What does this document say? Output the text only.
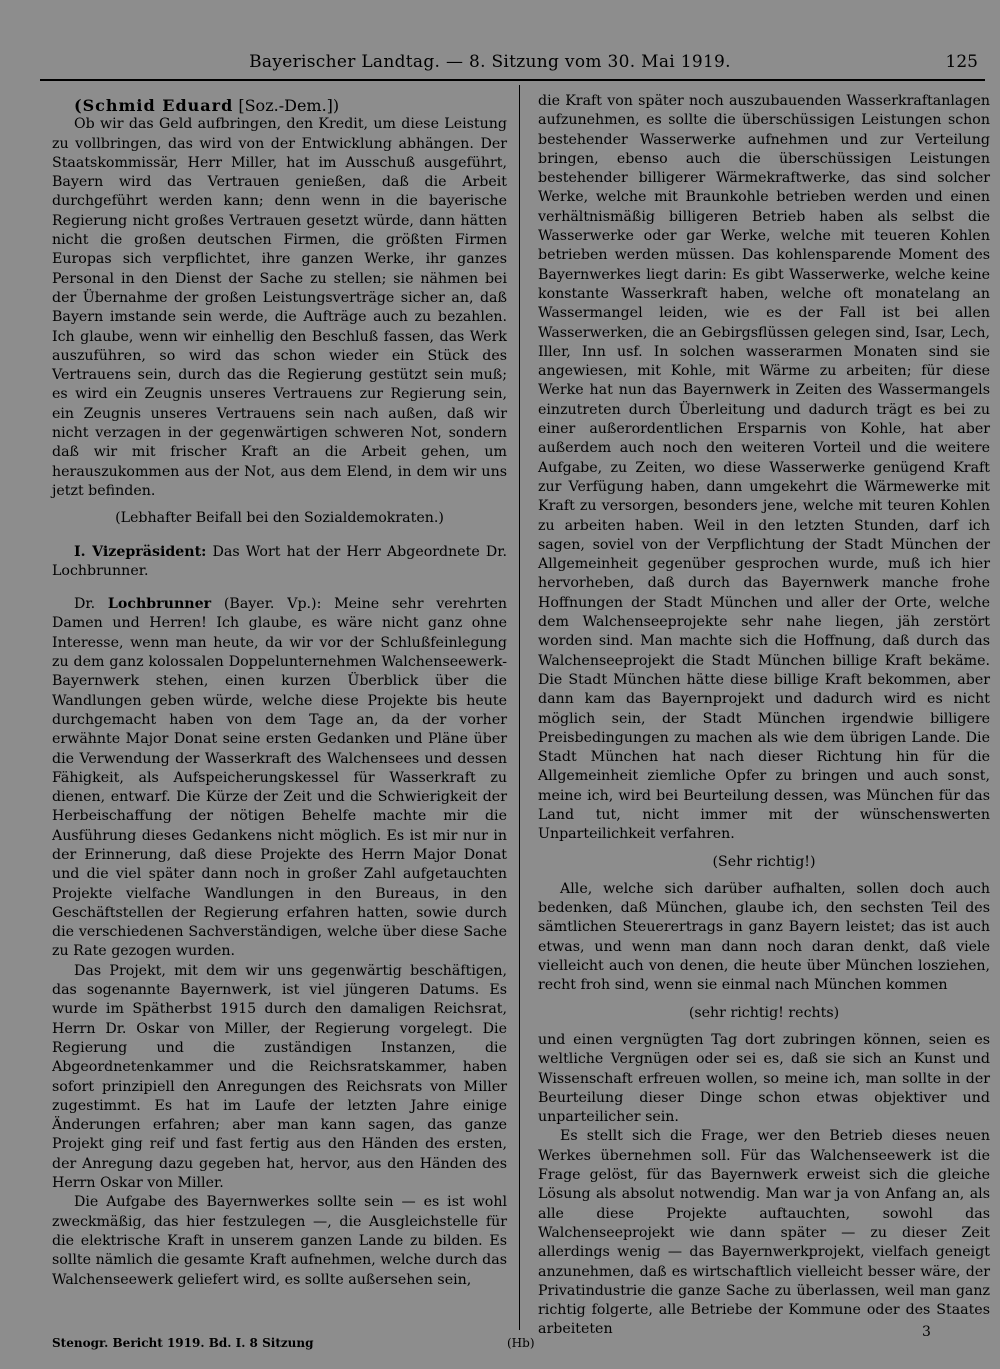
Bayerischer Landtag. — 8. Sitzung vom 30. Mai 1919.	125

(Schmid Eduard [Soz.-Dem.])

Ob wir das Geld aufbringen, den Kredit, um diese Leistung zu vollbringen, das wird von der Entwicklung abhängen. Der Staatskommissär, Herr Miller, hat im Ausschuß ausgeführt, Bayern wird das Vertrauen genießen, daß die Arbeit durchgeführt werden kann; denn wenn in die bayerische Regierung nicht großes Vertrauen gesetzt würde, dann hätten nicht die großen deutschen Firmen, die größten Firmen Europas sich verpflichtet, ihre ganzen Werke, ihr ganzes Personal in den Dienst der Sache zu stellen; sie nähmen bei der Übernahme der großen Leistungsverträge sicher an, daß Bayern imstande sein werde, die Aufträge auch zu bezahlen. Ich glaube, wenn wir einhellig den Beschluß fassen, das Werk auszuführen, so wird das schon wieder ein Stück des Vertrauens sein, durch das die Regierung gestützt sein muß; es wird ein Zeugnis unseres Vertrauens zur Regierung sein, ein Zeugnis unseres Vertrauens sein nach außen, daß wir nicht verzagen in der gegenwärtigen schweren Not, sondern daß wir mit frischer Kraft an die Arbeit gehen, um herauszukommen aus der Not, aus dem Elend, in dem wir uns jetzt befinden.

(Lebhafter Beifall bei den Sozialdemokraten.)

I. Vizepräsident: Das Wort hat der Herr Abgeordnete Dr. Lochbrunner.

Dr. Lochbrunner (Bayer. Vp.): Meine sehr verehrten Damen und Herren! Ich glaube, es wäre nicht ganz ohne Interesse, wenn man heute, da wir vor der Schlußfeinlegung zu dem ganz kolossalen Doppelunternehmen Walchenseewerk-Bayernwerk stehen, einen kurzen Überblick über die Wandlungen geben würde, welche diese Projekte bis heute durchgemacht haben von dem Tage an, da der vorher erwähnte Major Donat seine ersten Gedanken und Pläne über die Verwendung der Wasserkraft des Walchensees und dessen Fähigkeit, als Aufspeicherungskessel für Wasserkraft zu dienen, entwarf. Die Kürze der Zeit und die Schwierigkeit der Herbeischaffung der nötigen Behelfe machte mir die Ausführung dieses Gedankens nicht möglich. Es ist mir nur in der Erinnerung, daß diese Projekte des Herrn Major Donat und die viel später dann noch in großer Zahl aufgetauchten Projekte vielfache Wandlungen in den Bureaus, in den Geschäftstellen der Regierung erfahren hatten, sowie durch die verschiedenen Sachverständigen, welche über diese Sache zu Rate gezogen wurden.

Das Projekt, mit dem wir uns gegenwärtig beschäftigen, das sogenannte Bayernwerk, ist viel jüngeren Datums. Es wurde im Spätherbst 1915 durch den damaligen Reichsrat, Herrn Dr. Oskar von Miller, der Regierung vorgelegt. Die Regierung und die zuständigen Instanzen, die Abgeordnetenkammer und die Reichsratskammer, haben sofort prinzipiell den Anregungen des Reichsrats von Miller zugestimmt. Es hat im Laufe der letzten Jahre einige Änderungen erfahren; aber man kann sagen, das ganze Projekt ging reif und fast fertig aus den Händen des ersten, der Anregung dazu gegeben hat, hervor, aus den Händen des Herrn Oskar von Miller.

Die Aufgabe des Bayernwerkes sollte sein — es ist wohl zweckmäßig, das hier festzulegen —, die Ausgleichstelle für die elektrische Kraft in unserem ganzen Lande zu bilden. Es sollte nämlich die gesamte Kraft aufnehmen, welche durch das Walchenseewerk geliefert wird, es sollte außersehen sein,

die Kraft von später noch auszubauenden Wasserkraftanlagen aufzunehmen, es sollte die überschüssigen Leistungen schon bestehender Wasserwerke aufnehmen und zur Verteilung bringen, ebenso auch die überschüssigen Leistungen bestehender billigerer Wärmekraftwerke, das sind solcher Werke, welche mit Braunkohle betrieben werden und einen verhältnismäßig billigeren Betrieb haben als selbst die Wasserwerke oder gar Werke, welche mit teueren Kohlen betrieben werden müssen. Das kohlensparende Moment des Bayernwerkes liegt darin: Es gibt Wasserwerke, welche keine konstante Wasserkraft haben, welche oft monatelang an Wassermangel leiden, wie es der Fall ist bei allen Wasserwerken, die an Gebirgsflüssen gelegen sind, Isar, Lech, Iller, Inn usf. In solchen wasserarmen Monaten sind sie angewiesen, mit Kohle, mit Wärme zu arbeiten; für diese Werke hat nun das Bayernwerk in Zeiten des Wassermangels einzutreten durch Überleitung und dadurch trägt es bei zu einer außerordentlichen Ersparnis von Kohle, hat aber außerdem auch noch den weiteren Vorteil und die weitere Aufgabe, zu Zeiten, wo diese Wasserwerke genügend Kraft zur Verfügung haben, dann umgekehrt die Wärmewerke mit Kraft zu versorgen, besonders jene, welche mit teuren Kohlen zu arbeiten haben. Weil in den letzten Stunden, darf ich sagen, soviel von der Verpflichtung der Stadt München der Allgemeinheit gegenüber gesprochen wurde, muß ich hier hervorheben, daß durch das Bayernwerk manche frohe Hoffnungen der Stadt München und aller der Orte, welche dem Walchenseeprojekte sehr nahe liegen, jäh zerstört worden sind. Man machte sich die Hoffnung, daß durch das Walchenseeprojekt die Stadt München billige Kraft bekäme. Die Stadt München hätte diese billige Kraft bekommen, aber dann kam das Bayernprojekt und dadurch wird es nicht möglich sein, der Stadt München irgendwie billigere Preisbedingungen zu machen als wie dem übrigen Lande. Die Stadt München hat nach dieser Richtung hin für die Allgemeinheit ziemliche Opfer zu bringen und auch sonst, meine ich, wird bei Beurteilung dessen, was München für das Land tut, nicht immer mit der wünschenswerten Unparteilichkeit verfahren.

(Sehr richtig!)

Alle, welche sich darüber aufhalten, sollen doch auch bedenken, daß München, glaube ich, den sechsten Teil des sämtlichen Steuerertrags in ganz Bayern leistet; das ist auch etwas, und wenn man dann noch daran denkt, daß viele vielleicht auch von denen, die heute über München losziehen, recht froh sind, wenn sie einmal nach München kommen

(sehr richtig! rechts)

und einen vergnügten Tag dort zubringen können, seien es weltliche Vergnügen oder sei es, daß sie sich an Kunst und Wissenschaft erfreuen wollen, so meine ich, man sollte in der Beurteilung dieser Dinge schon etwas objektiver und unparteilicher sein.

Es stellt sich die Frage, wer den Betrieb dieses neuen Werkes übernehmen soll. Für das Walchenseewerk ist die Frage gelöst, für das Bayernwerk erweist sich die gleiche Lösung als absolut notwendig. Man war ja von Anfang an, als alle diese Projekte auftauchten, sowohl das Walchenseeprojekt wie dann später — zu dieser Zeit allerdings wenig — das Bayernwerkprojekt, vielfach geneigt anzunehmen, daß es wirtschaftlich vielleicht besser wäre, der Privatindustrie die ganze Sache zu überlassen, weil man ganz richtig folgerte, alle Betriebe der Kommune oder des Staates arbeiteten

Stenogr. Bericht 1919. Bd. I. 8 Sitzung	(Hb)
3
